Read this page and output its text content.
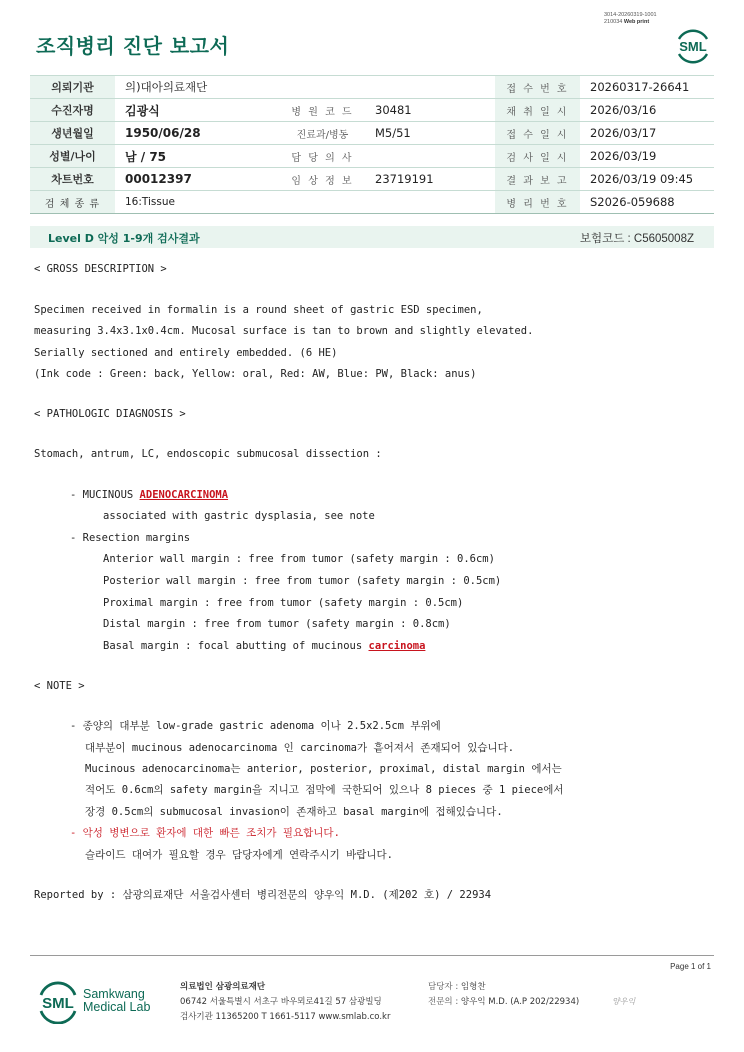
3014-20260319-1001
210034 Web print
조직병리 진단 보고서	SML
의뢰기관	의)대아의료재단			접 수 번 호	20260317-26641
수진자명	김광식	병 원 코 드	30481	채 취 일 시	2026/03/16
생년월일	1950/06/28	진료과/병동	M5/51	접 수 일 시	2026/03/17
성별/나이	남 / 75	담 당 의 사		검 사 일 시	2026/03/19
차트번호	00012397	임 상 정 보	23719191	결 과 보 고	2026/03/19 09:45
검 체 종 류	16:Tissue			병 리 번 호	S2026-059688
Level D 악성 1-9개 검사결과	보험코드 : C5605008Z
< GROSS DESCRIPTION >
Specimen received in formalin is a round sheet of gastric ESD specimen,
measuring 3.4x3.1x0.4cm. Mucosal surface is tan to brown and slightly elevated.
Serially sectioned and entirely embedded. (6 HE)
(Ink code : Green: back, Yellow: oral, Red: AW, Blue: PW, Black: anus)
< PATHOLOGIC DIAGNOSIS >
Stomach, antrum, LC, endoscopic submucosal dissection :
- MUCINOUS ADENOCARCINOMA
associated with gastric dysplasia, see note
- Resection margins
Anterior wall margin : free from tumor (safety margin : 0.6cm)
Posterior wall margin : free from tumor (safety margin : 0.5cm)
Proximal margin : free from tumor (safety margin : 0.5cm)
Distal margin : free from tumor (safety margin : 0.8cm)
Basal margin : focal abutting of mucinous carcinoma
< NOTE >
- 종양의 대부분 low-grade gastric adenoma 이나 2.5x2.5cm 부위에
대부분이 mucinous adenocarcinoma 인 carcinoma가 흩어져서 존재되어 있습니다.
Mucinous adenocarcinoma는 anterior, posterior, proximal, distal margin 에서는
적어도 0.6cm의 safety margin을 지니고 점막에 국한되어 있으나 8 pieces 중 1 piece에서
장경 0.5cm의 submucosal invasion이 존재하고 basal margin에 접해있습니다.
- 악성 병변으로 환자에 대한 빠른 조치가 필요합니다.
슬라이드 대여가 필요할 경우 담당자에게 연락주시기 바랍니다.
Reported by : 삼광의료재단 서울검사센터 병리전문의 양우익 M.D. (제202 호) / 22934
Page 1 of 1
SML
Samkwang
Medical Lab
의료법인 삼광의료재단
06742 서울특별시 서초구 바우뫼로41길 57 삼광빌딩
검사기관 11365200 T 1661-5117 www.smlab.co.kr
담당자 : 임형찬
전문의 : 양우익 M.D. (A.P 202/22934)	양우익
